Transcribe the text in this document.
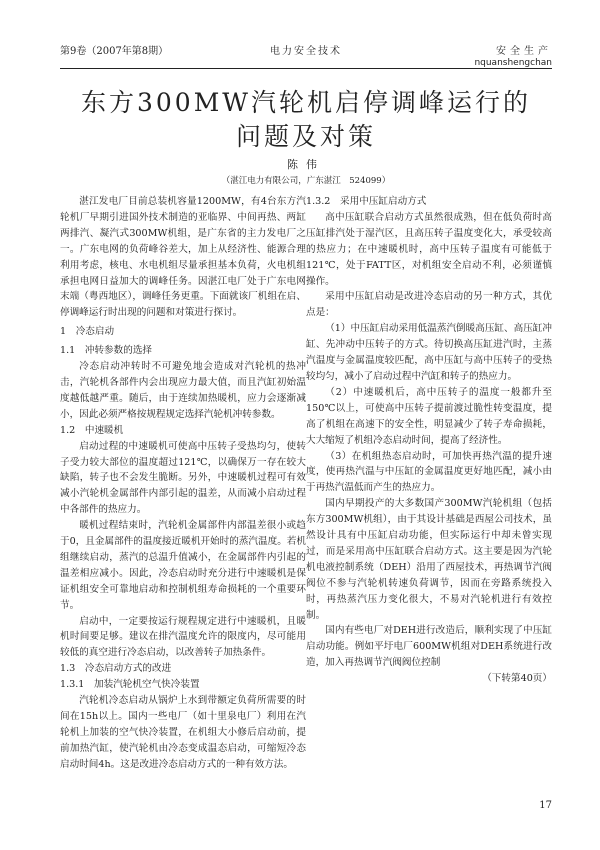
第9卷（2007年第8期）	电力安全技术	安全生产
nquanshengchan
东方300MW汽轮机启停调峰运行的
问题及对策
陈伟
（湛江电力有限公司，广东湛江　524099）

湛江发电厂目前总装机容量1200MW，有4台东方汽轮机厂早期引进国外技术制造的亚临界、中间再热、两缸两排汽、凝汽式300MW机组，是广东省的主力发电厂之一。广东电网的负荷峰谷差大，加上从经济性、能源合理利用考虑，核电、水电机组尽量承担基本负荷，火电机组承担电网日益加大的调峰任务。因湛江电厂处于广东电网末端（粤西地区），调峰任务更重。下面就该厂机组在启、停调峰运行时出现的问题和对策进行探讨。

1　冷态启动

1.1　冲转参数的选择

冷态启动冲转时不可避免地会造成对汽轮机的热冲击，汽轮机各部件内会出现应力最大值，而且汽缸初始温度越低越严重。随后，由于连续加热暖机，应力会逐渐减小，因此必须严格按规程规定选择汽轮机冲转参数。

1.2　中速暖机

启动过程的中速暖机可使高中压转子受热均匀，使转子受力较大部位的温度超过121℃，以确保万一存在较大缺陷，转子也不会发生脆断。另外，中速暖机过程可有效减小汽轮机金属部件内部引起的温差，从而减小启动过程中各部件的热应力。

暖机过程结束时，汽轮机金属部件内部温差很小或趋于0，且金属部件的温度接近暖机开始时的蒸汽温度。若机组继续启动，蒸汽的总温升值减小，在金属部件内引起的温差相应减小。因此，冷态启动时充分进行中速暖机是保证机组安全可靠地启动和控制机组寿命损耗的一个重要环节。

启动中，一定要按运行规程规定进行中速暖机，且暖机时间要足够。建议在排汽温度允许的限度内，尽可能用较低的真空进行冷态启动，以改善转子加热条件。

1.3　冷态启动方式的改进

1.3.1　加装汽轮机空气快冷装置

汽轮机冷态启动从锅炉上水到带额定负荷所需要的时间在15h以上。国内一些电厂（如十里泉电厂）利用在汽轮机上加装的空气快冷装置，在机组大小修后启动前，提前加热汽缸，使汽轮机由冷态变成温态启动，可缩短冷态启动时间4h。这是改进冷态启动方式的一种有效方法。

1.3.2　采用中压缸启动方式

高中压缸联合启动方式虽然很成熟，但在低负荷时高压缸排汽处于湿汽区，且高压转子温度变化大，承受较高的热应力；在中速暖机时，高中压转子温度有可能低于121℃，处于FATT区，对机组安全启动不利，必须谨慎操作。

采用中压缸启动是改进冷态启动的另一种方式，其优点是：

（1）中压缸启动采用低温蒸汽倒暖高压缸、高压缸冲缸、先冲动中压转子的方式。待切换高压缸进汽时，主蒸汽温度与金属温度较匹配，高中压缸与高中压转子的受热较均匀，减小了启动过程中汽缸和转子的热应力。

（2）中速暖机后，高中压转子的温度一般都升至150℃以上，可使高中压转子提前渡过脆性转变温度，提高了机组在高速下的安全性，明显减少了转子寿命损耗，大大缩短了机组冷态启动时间，提高了经济性。

（3）在机组热态启动时，可加快再热汽温的提升速度，使再热汽温与中压缸的金属温度更好地匹配，减小由于再热汽温低而产生的热应力。

国内早期投产的大多数国产300MW汽轮机组（包括东方300MW机组），由于其设计基础是西屋公司技术，虽然设计具有中压缸启动功能，但实际运行中却未曾实现过，而是采用高中压缸联合启动方式。这主要是因为汽轮机电液控制系统（DEH）沿用了西屋技术，再热调节汽阀阀位不参与汽轮机转速负荷调节，因而在旁路系统投入时，再热蒸汽压力变化很大，不易对汽轮机进行有效控制。

国内有些电厂对DEH进行改造后，顺利实现了中压缸启动功能。例如平圩电厂600MW机组对DEH系统进行改造，加入再热调节汽阀阀位控制

（下转第40页）

17
